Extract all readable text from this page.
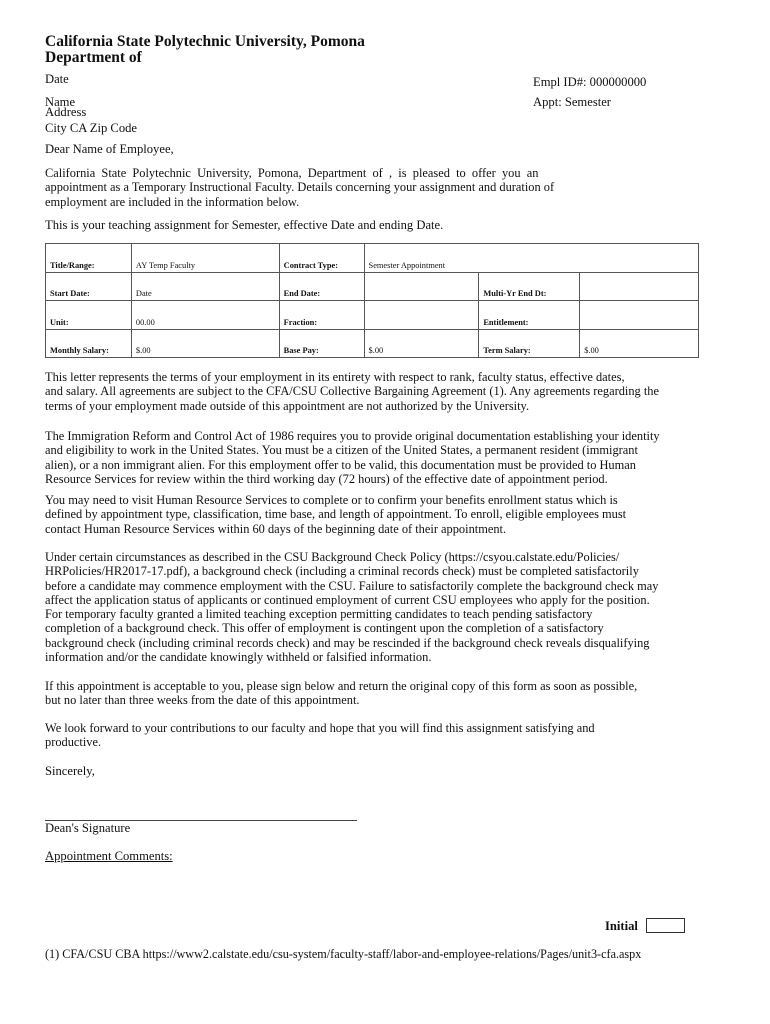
California State Polytechnic University, Pomona
Department of
Date	Empl ID#: 000000000
Appt: Semester
Name
Address
City CA Zip Code
Dear Name of Employee,

California  State  Polytechnic  University,  Pomona,  Department  of  ,  is  pleased  to  offer  you  an

appointment as a Temporary Instructional Faculty. Details concerning your assignment and duration of

employment are included in the information below.

This is your teaching assignment for Semester, effective Date and ending Date.
Title/Range:	AY Temp Faculty	Contract Type:	Semester Appointment		
Start Date:	Date	End Date:		Multi-Yr End Dt:	
Unit:	00.00	Fraction:		Entitlement:	
Monthly Salary:	$.00	Base Pay:	$.00	Term Salary:	$.00

This letter represents the terms of your employment in its entirety with respect to rank, faculty status, effective dates,

and salary. All agreements are subject to the CFA/CSU Collective Bargaining Agreement (1). Any agreements regarding the

terms of your employment made outside of this appointment are not authorized by the University.

The Immigration Reform and Control Act of 1986 requires you to provide original documentation establishing your identity

and eligibility to work in the United States. You must be a citizen of the United States, a permanent resident (immigrant

alien), or a non immigrant alien. For this employment offer to be valid, this documentation must be provided to Human

Resource Services for review within the third working day (72 hours) of the effective date of appointment period.

You may need to visit Human Resource Services to complete or to confirm your benefits enrollment status which is

defined by appointment type, classification, time base, and length of appointment. To enroll, eligible employees must

contact Human Resource Services within 60 days of the beginning date of their appointment.

Under certain circumstances as described in the CSU Background Check Policy (https://csyou.calstate.edu/Policies/

HRPolicies/HR2017-17.pdf), a background check (including a criminal records check) must be completed satisfactorily

before a candidate may commence employment with the CSU. Failure to satisfactorily complete the background check may

affect the application status of applicants or continued employment of current CSU employees who apply for the position.

For temporary faculty granted a limited teaching exception permitting candidates to teach pending satisfactory

completion of a background check. This offer of employment is contingent upon the completion of a satisfactory

background check (including criminal records check) and may be rescinded if the background check reveals disqualifying

information and/or the candidate knowingly withheld or falsified information.

If this appointment is acceptable to you, please sign below and return the original copy of this form as soon as possible,

but no later than three weeks from the date of this appointment.

We look forward to your contributions to our faculty and hope that you will find this assignment satisfying and

productive.

Sincerely,
Dean's Signature
Appointment Comments:
Initial
(1) CFA/CSU CBA https://www2.calstate.edu/csu-system/faculty-staff/labor-and-employee-relations/Pages/unit3-cfa.aspx
